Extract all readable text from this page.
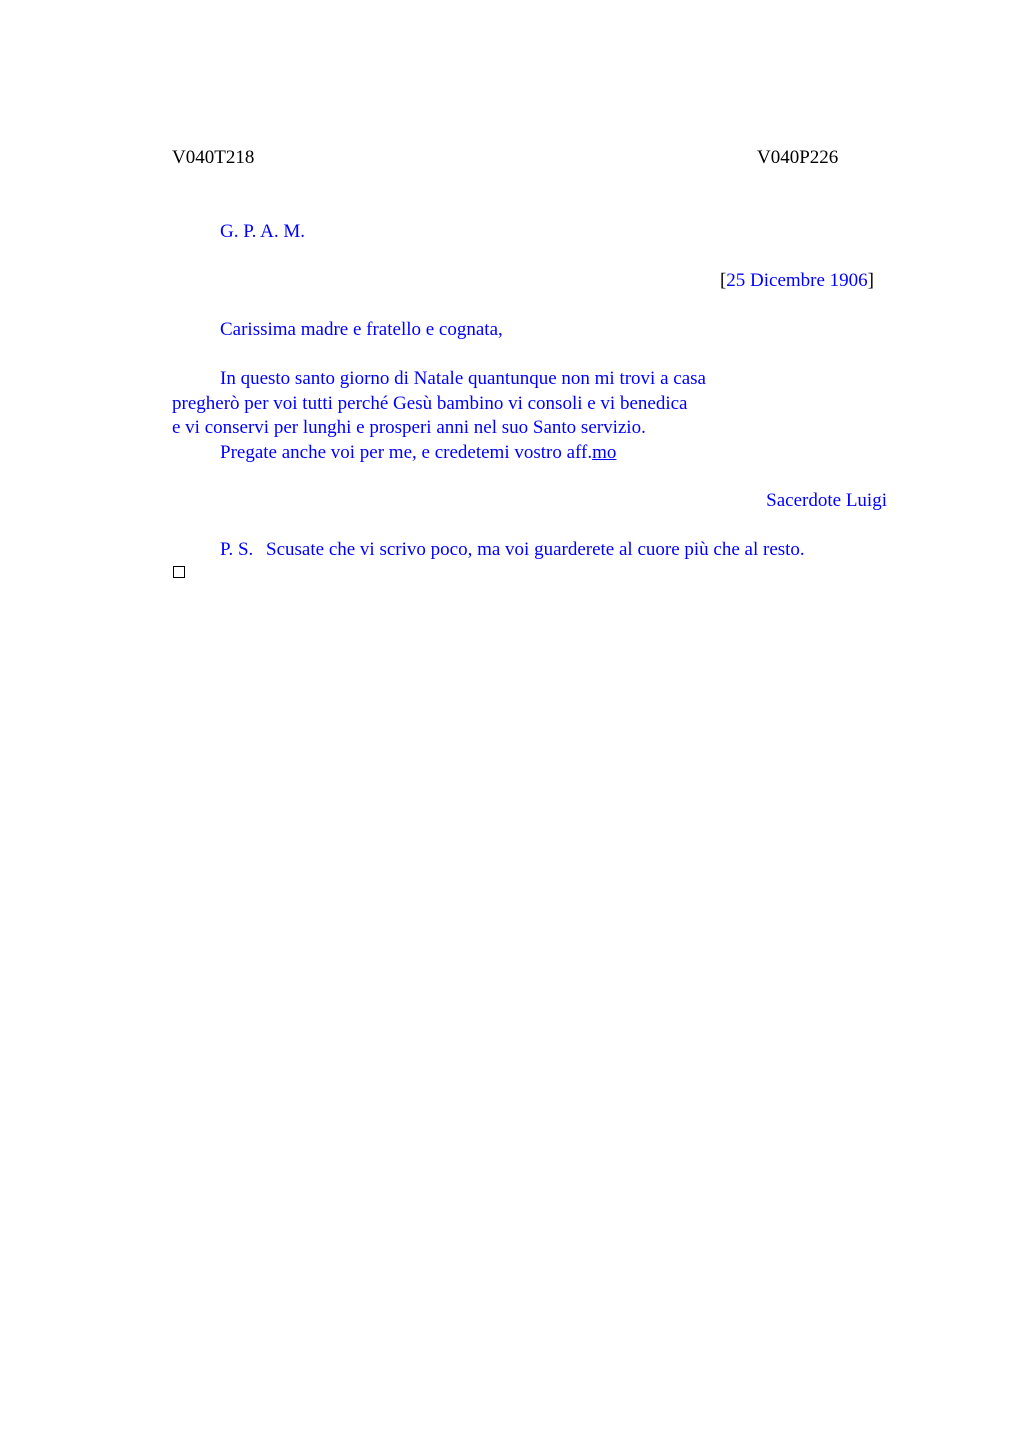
V040T218	V040P226
G. P. A. M.
[25 Dicembre 1906]
Carissima madre e fratello e cognata,
In questo santo giorno di Natale quantunque non mi trovi a casa
pregherò per voi tutti perché Gesù bambino vi consoli e vi benedica
e vi conservi per lunghi e prosperi anni nel suo Santo servizio.
Pregate anche voi per me, e credetemi vostro aff.mo
Sacerdote Luigi
P. S. Scusate che vi scrivo poco, ma voi guarderete al cuore più che al resto.
